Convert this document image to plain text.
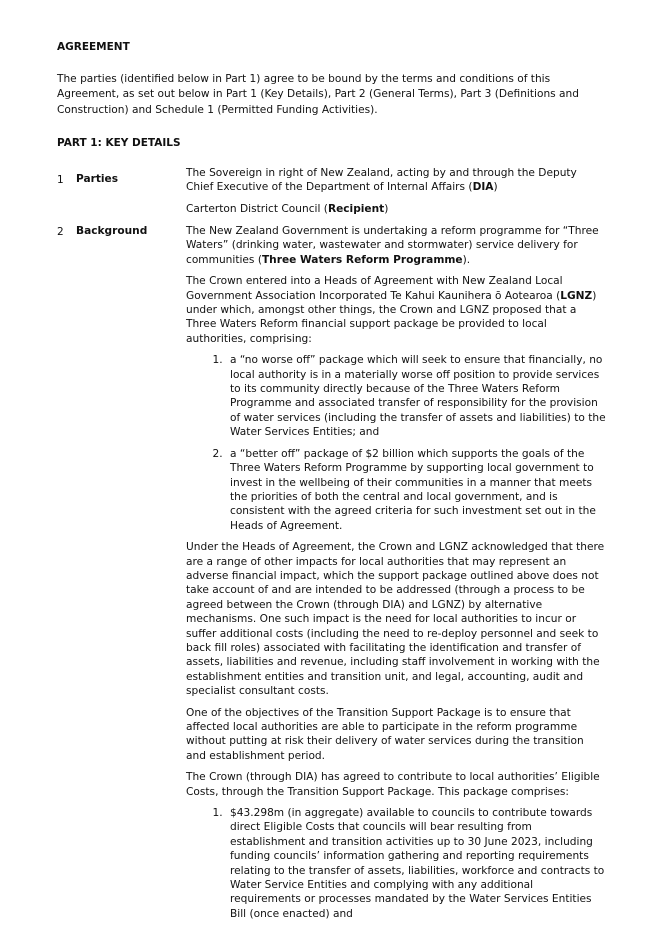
AGREEMENT
The parties (identified below in Part 1) agree to be bound by the terms and conditions of this Agreement, as set out below in Part 1 (Key Details), Part 2 (General Terms), Part 3 (Definitions and Construction) and Schedule 1 (Permitted Funding Activities).
PART 1: KEY DETAILS
1 Parties	The Sovereign in right of New Zealand, acting by and through the Deputy Chief Executive of the Department of Internal Affairs (DIA)

Carterton District Council (Recipient)

2 Background	The New Zealand Government is undertaking a reform programme for “Three Waters” (drinking water, wastewater and stormwater) service delivery for communities (Three Waters Reform Programme).

The Crown entered into a Heads of Agreement with New Zealand Local Government Association Incorporated Te Kahui Kaunihera ō Aotearoa (LGNZ) under which, amongst other things, the Crown and LGNZ proposed that a Three Waters Reform financial support package be provided to local authorities, comprising:

1. a “no worse off” package which will seek to ensure that financially, no local authority is in a materially worse off position to provide services to its community directly because of the Three Waters Reform Programme and associated transfer of responsibility for the provision of water services (including the transfer of assets and liabilities) to the Water Services Entities; and
2. a “better off” package of $2 billion which supports the goals of the Three Waters Reform Programme by supporting local government to invest in the wellbeing of their communities in a manner that meets the priorities of both the central and local government, and is consistent with the agreed criteria for such investment set out in the Heads of Agreement.

Under the Heads of Agreement, the Crown and LGNZ acknowledged that there are a range of other impacts for local authorities that may represent an adverse financial impact, which the support package outlined above does not take account of and are intended to be addressed (through a process to be agreed between the Crown (through DIA) and LGNZ) by alternative mechanisms. One such impact is the need for local authorities to incur or suffer additional costs (including the need to re-deploy personnel and seek to back fill roles) associated with facilitating the identification and transfer of assets, liabilities and revenue, including staff involvement in working with the establishment entities and transition unit, and legal, accounting, audit and specialist consultant costs.

One of the objectives of the Transition Support Package is to ensure that affected local authorities are able to participate in the reform programme without putting at risk their delivery of water services during the transition and establishment period.

The Crown (through DIA) has agreed to contribute to local authorities’ Eligible Costs, through the Transition Support Package. This package comprises:

1. $43.298m (in aggregate) available to councils to contribute towards direct Eligible Costs that councils will bear resulting from establishment and transition activities up to 30 June 2023, including funding councils’ information gathering and reporting requirements relating to the transfer of assets, liabilities, workforce and contracts to Water Service Entities and complying with any additional requirements or processes mandated by the Water Services Entities Bill (once enacted) and
